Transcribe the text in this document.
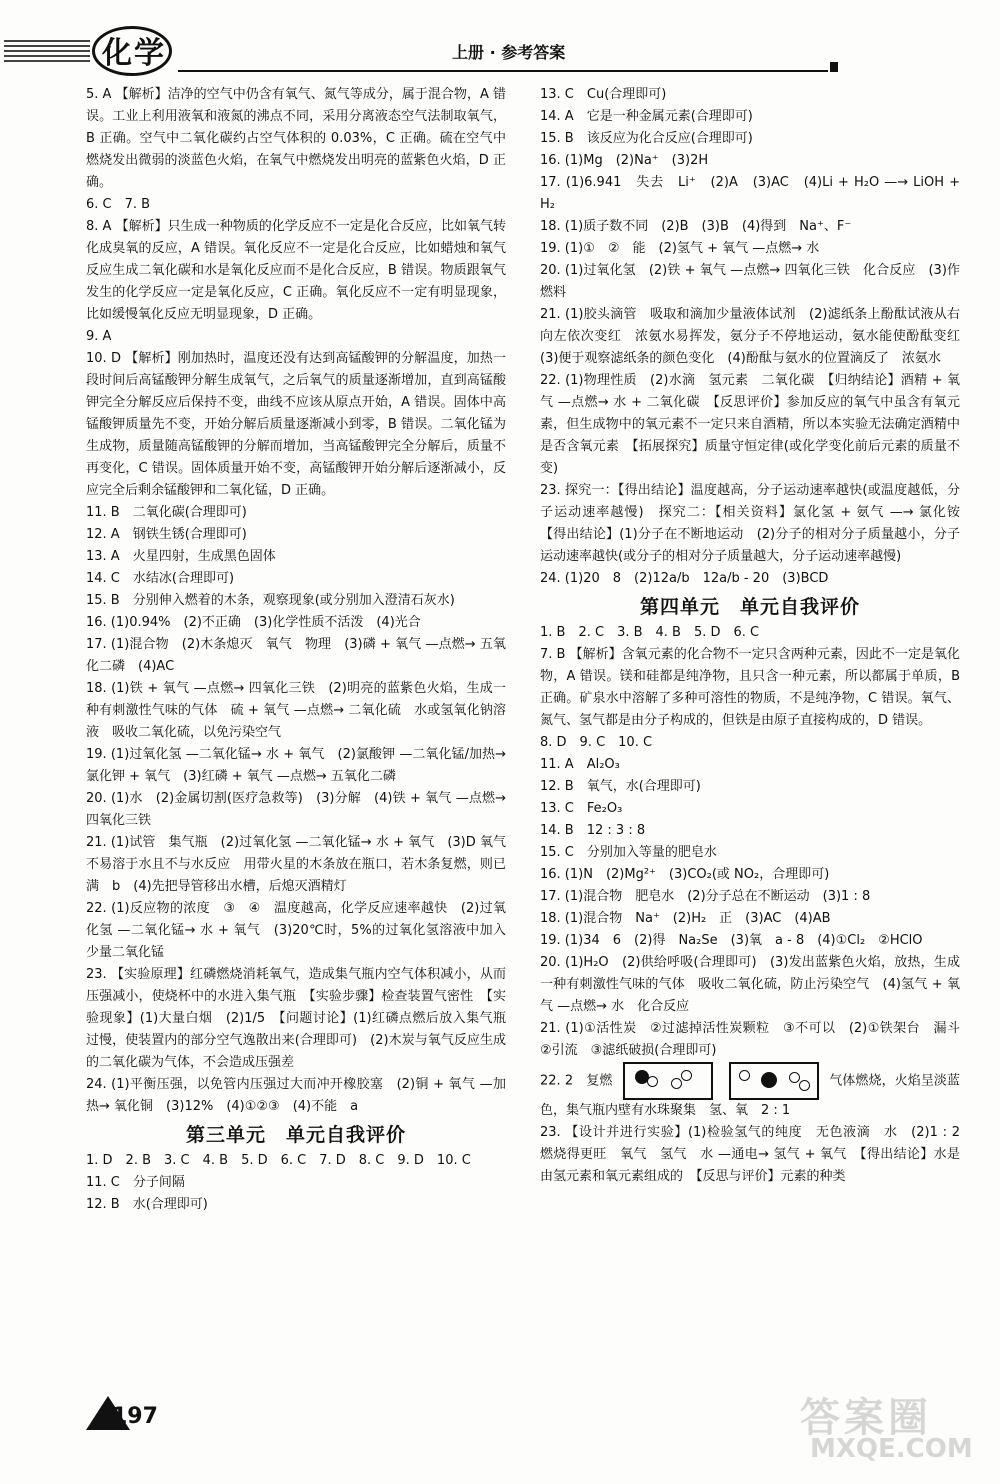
化学	上册 · 参考答案

5. A 【解析】洁净的空气中仍含有氧气、氮气等成分，属于混合物，A 错误。工业上利用液氧和液氮的沸点不同，采用分离液态空气法制取氧气，B 正确。空气中二氧化碳约占空气体积的 0.03%，C 正确。硫在空气中燃烧发出微弱的淡蓝色火焰，在氧气中燃烧发出明亮的蓝紫色火焰，D 正确。

6. C　7. B

8. A 【解析】只生成一种物质的化学反应不一定是化合反应，比如氧气转化成臭氧的反应，A 错误。氧化反应不一定是化合反应，比如蜡烛和氧气反应生成二氧化碳和水是氧化反应而不是化合反应，B 错误。物质跟氧气发生的化学反应一定是氧化反应，C 正确。氧化反应不一定有明显现象，比如缓慢氧化反应无明显现象，D 正确。

9. A

10. D 【解析】刚加热时，温度还没有达到高锰酸钾的分解温度，加热一段时间后高锰酸钾分解生成氧气，之后氧气的质量逐渐增加，直到高锰酸钾完全分解反应后保持不变，曲线不应该从原点开始，A 错误。固体中高锰酸钾质量先不变，开始分解后质量逐渐减小到零，B 错误。二氧化锰为生成物，质量随高锰酸钾的分解而增加，当高锰酸钾完全分解后，质量不再变化，C 错误。固体质量开始不变，高锰酸钾开始分解后逐渐减小，反应完全后剩余锰酸钾和二氧化锰，D 正确。

11. B　二氧化碳(合理即可)

12. A　钢铁生锈(合理即可)

13. A　火星四射，生成黑色固体

14. C　水结冰(合理即可)

15. B　分别伸入燃着的木条，观察现象(或分别加入澄清石灰水)

16. (1)0.94%　(2)不正确　(3)化学性质不活泼　(4)光合

17. (1)混合物　(2)木条熄灭　氧气　物理　(3)磷 + 氧气 —点燃→ 五氧化二磷　(4)AC

18. (1)铁 + 氧气 —点燃→ 四氧化三铁　(2)明亮的蓝紫色火焰，生成一种有刺激性气味的气体　硫 + 氧气 —点燃→ 二氧化硫　水或氢氧化钠溶液　吸收二氧化硫，以免污染空气

19. (1)过氧化氢 —二氧化锰→ 水 + 氧气　(2)氯酸钾 —二氧化锰/加热→ 氯化钾 + 氧气　(3)红磷 + 氧气 —点燃→ 五氧化二磷

20. (1)水　(2)金属切割(医疗急救等)　(3)分解　(4)铁 + 氧气 —点燃→ 四氧化三铁

21. (1)试管　集气瓶　(2)过氧化氢 —二氧化锰→ 水 + 氧气　(3)D 氧气不易溶于水且不与水反应　用带火星的木条放在瓶口，若木条复燃，则已满　b　(4)先把导管移出水槽，后熄灭酒精灯

22. (1)反应物的浓度　③　④　温度越高，化学反应速率越快　(2)过氧化氢 —二氧化锰→ 水 + 氧气　(3)20℃时，5%的过氧化氢溶液中加入少量二氧化锰

23. 【实验原理】红磷燃烧消耗氧气，造成集气瓶内空气体积减小，从而压强减小，使烧杯中的水进入集气瓶　【实验步骤】检查装置气密性　【实验现象】(1)大量白烟　(2)1/5　【问题讨论】(1)红磷点燃后放入集气瓶过慢，使装置内的部分空气逸散出来(合理即可)　(2)木炭与氧气反应生成的二氧化碳为气体，不会造成压强差

24. (1)平衡压强，以免管内压强过大而冲开橡胶塞　(2)铜 + 氧气 —加热→ 氧化铜　(3)12%　(4)①②③　(4)不能　a

第三单元　单元自我评价

1. D　2. B　3. C　4. B　5. D　6. C　7. D　8. C　9. D　10. C

11. C　分子间隔

12. B　水(合理即可)

13. C　Cu(合理即可)

14. A　它是一种金属元素(合理即可)

15. B　该反应为化合反应(合理即可)

16. (1)Mg　(2)Na⁺　(3)2H

17. (1)6.941　失去　Li⁺　(2)A　(3)AC　(4)Li + H₂O —→ LiOH + H₂

18. (1)质子数不同　(2)B　(3)B　(4)得到　Na⁺、F⁻

19. (1)①　②　能　(2)氢气 + 氧气 —点燃→ 水

20. (1)过氧化氢　(2)铁 + 氧气 —点燃→ 四氧化三铁　化合反应　(3)作燃料

21. (1)胶头滴管　吸取和滴加少量液体试剂　(2)滤纸条上酚酞试液从右向左依次变红　浓氨水易挥发，氨分子不停地运动，氨水能使酚酞变红　(3)便于观察滤纸条的颜色变化　(4)酚酞与氨水的位置滴反了　浓氨水

22. (1)物理性质　(2)水滴　氢元素　二氧化碳　【归纳结论】酒精 + 氧气 —点燃→ 水 + 二氧化碳　【反思评价】参加反应的氧气中虽含有氧元素，但生成物中的氧元素不一定只来自酒精，所以本实验无法确定酒精中是否含氧元素　【拓展探究】质量守恒定律(或化学变化前后元素的质量不变)

23. 探究一：【得出结论】温度越高，分子运动速率越快(或温度越低，分子运动速率越慢)　探究二：【相关资料】氯化氢 + 氨气 —→ 氯化铵　【得出结论】(1)分子在不断地运动　(2)分子的相对分子质量越小，分子运动速率越快(或分子的相对分子质量越大，分子运动速率越慢)

24. (1)20　8　(2)12a/b　12a/b - 20　(3)BCD

第四单元　单元自我评价

1. B　2. C　3. B　4. B　5. D　6. C

7. B 【解析】含氧元素的化合物不一定只含两种元素，因此不一定是氧化物，A 错误。镁和硅都是纯净物，且只含一种元素，所以都属于单质，B 正确。矿泉水中溶解了多种可溶性的物质，不是纯净物，C 错误。氧气、氮气、氢气都是由分子构成的，但铁是由原子直接构成的，D 错误。

8. D　9. C　10. C

11. A　Al₂O₃

12. B　氧气，水(合理即可)

13. C　Fe₂O₃

14. B　12 : 3 : 8

15. C　分别加入等量的肥皂水

16. (1)N　(2)Mg²⁺　(3)CO₂(或 NO₂，合理即可)

17. (1)混合物　肥皂水　(2)分子总在不断运动　(3)1 : 8

18. (1)混合物　Na⁺　(2)H₂　正　(3)AC　(4)AB

19. (1)34　6　(2)得　Na₂Se　(3)氧　a - 8　(4)①Cl₂　②HClO

20. (1)H₂O　(2)供给呼吸(合理即可)　(3)发出蓝紫色火焰，放热，生成一种有刺激性气味的气体　吸收二氧化硫，防止污染空气　(4)氢气 + 氧气 —点燃→ 水　化合反应

21. (1)①活性炭　②过滤掉活性炭颗粒　③不可以　(2)①铁架台　漏斗　②引流　③滤纸破损(合理即可)

22. 2　复燃
	气体燃烧，火焰呈淡蓝色，集气瓶内壁有水珠聚集　氢、氧　2 : 1

23. 【设计并进行实验】(1)检验氢气的纯度　无色液滴　水　(2)1 : 2　燃烧得更旺　氧气　氢气　水 —通电→ 氢气 + 氧气　【得出结论】水是由氢元素和氧元素组成的　【反思与评价】元素的种类

197	答案圈
MXQE.COM
